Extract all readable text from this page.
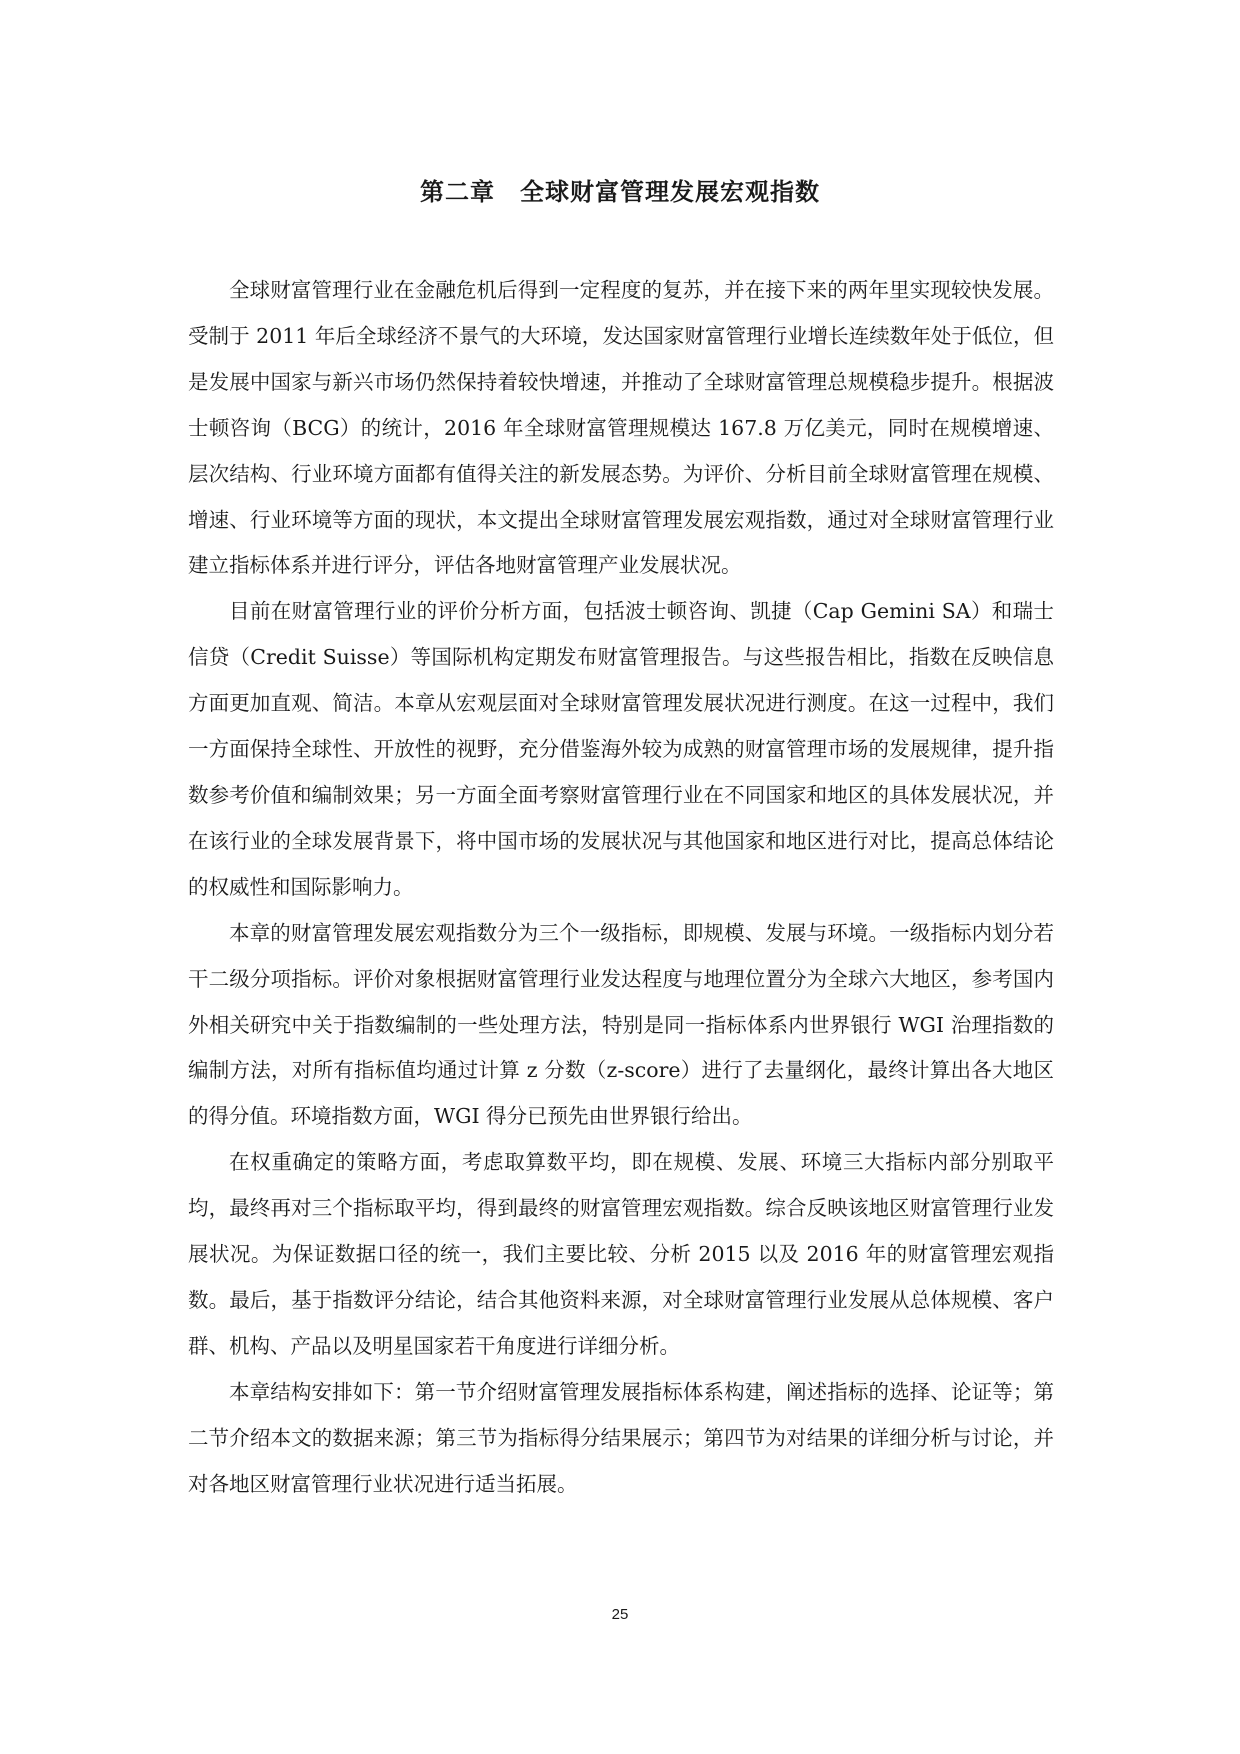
第二章　全球财富管理发展宏观指数

全球财富管理行业在金融危机后得到一定程度的复苏，并在接下来的两年里实现较快发展。受制于 2011 年后全球经济不景气的大环境，发达国家财富管理行业增长连续数年处于低位，但是发展中国家与新兴市场仍然保持着较快增速，并推动了全球财富管理总规模稳步提升。根据波士顿咨询（BCG）的统计，2016 年全球财富管理规模达 167.8 万亿美元，同时在规模增速、层次结构、行业环境方面都有值得关注的新发展态势。为评价、分析目前全球财富管理在规模、增速、行业环境等方面的现状，本文提出全球财富管理发展宏观指数，通过对全球财富管理行业建立指标体系并进行评分，评估各地财富管理产业发展状况。

目前在财富管理行业的评价分析方面，包括波士顿咨询、凯捷（Cap Gemini SA）和瑞士信贷（Credit Suisse）等国际机构定期发布财富管理报告。与这些报告相比，指数在反映信息方面更加直观、简洁。本章从宏观层面对全球财富管理发展状况进行测度。在这一过程中，我们一方面保持全球性、开放性的视野，充分借鉴海外较为成熟的财富管理市场的发展规律，提升指数参考价值和编制效果；另一方面全面考察财富管理行业在不同国家和地区的具体发展状况，并在该行业的全球发展背景下，将中国市场的发展状况与其他国家和地区进行对比，提高总体结论的权威性和国际影响力。

本章的财富管理发展宏观指数分为三个一级指标，即规模、发展与环境。一级指标内划分若干二级分项指标。评价对象根据财富管理行业发达程度与地理位置分为全球六大地区，参考国内外相关研究中关于指数编制的一些处理方法，特别是同一指标体系内世界银行 WGI 治理指数的编制方法，对所有指标值均通过计算 z 分数（z-score）进行了去量纲化，最终计算出各大地区的得分值。环境指数方面，WGI 得分已预先由世界银行给出。

在权重确定的策略方面，考虑取算数平均，即在规模、发展、环境三大指标内部分别取平均，最终再对三个指标取平均，得到最终的财富管理宏观指数。综合反映该地区财富管理行业发展状况。为保证数据口径的统一，我们主要比较、分析 2015 以及 2016 年的财富管理宏观指数。最后，基于指数评分结论，结合其他资料来源，对全球财富管理行业发展从总体规模、客户群、机构、产品以及明星国家若干角度进行详细分析。

本章结构安排如下：第一节介绍财富管理发展指标体系构建，阐述指标的选择、论证等；第二节介绍本文的数据来源；第三节为指标得分结果展示；第四节为对结果的详细分析与讨论，并对各地区财富管理行业状况进行适当拓展。

25
